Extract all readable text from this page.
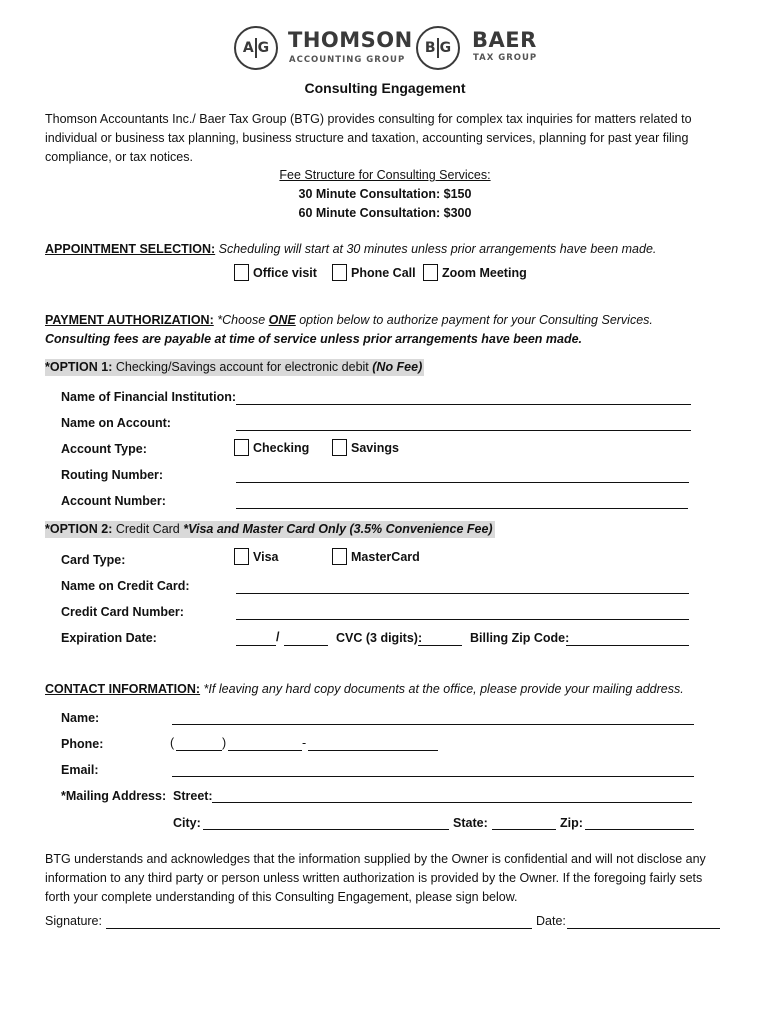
A G THOMSON
ACCOUNTING GROUP
B G BAER
TAX GROUP
Consulting Engagement
Thomson Accountants Inc./ Baer Tax Group (BTG) provides consulting for complex tax inquiries for matters related to individual or business tax planning, business structure and taxation, accounting services, planning for past year filing compliance, or tax notices.
Fee Structure for Consulting Services:
30 Minute Consultation: $150
60 Minute Consultation: $300
APPOINTMENT SELECTION: Scheduling will start at 30 minutes unless prior arrangements have been made.
Office visit	Phone Call	Zoom Meeting
PAYMENT AUTHORIZATION: *Choose ONE option below to authorize payment for your Consulting Services.
Consulting fees are payable at time of service unless prior arrangements have been made.
*OPTION 1: Checking/Savings account for electronic debit (No Fee)
Name of Financial Institution:
Name on Account:
Account Type:	Checking	Savings
Routing Number:
Account Number:
*OPTION 2: Credit Card *Visa and Master Card Only (3.5% Convenience Fee)
Card Type:	Visa	MasterCard
Name on Credit Card:
Credit Card Number:
Expiration Date:	/	CVC (3 digits):	Billing Zip Code:
CONTACT INFORMATION: *If leaving any hard copy documents at the office, please provide your mailing address.
Name:
Phone:	(	)	-
Email:
*Mailing Address: Street:
City:	State:	Zip:
BTG understands and acknowledges that the information supplied by the Owner is confidential and will not disclose any information to any third party or person unless written authorization is provided by the Owner. If the foregoing fairly sets forth your complete understanding of this Consulting Engagement, please sign below.
Signature:	Date:
